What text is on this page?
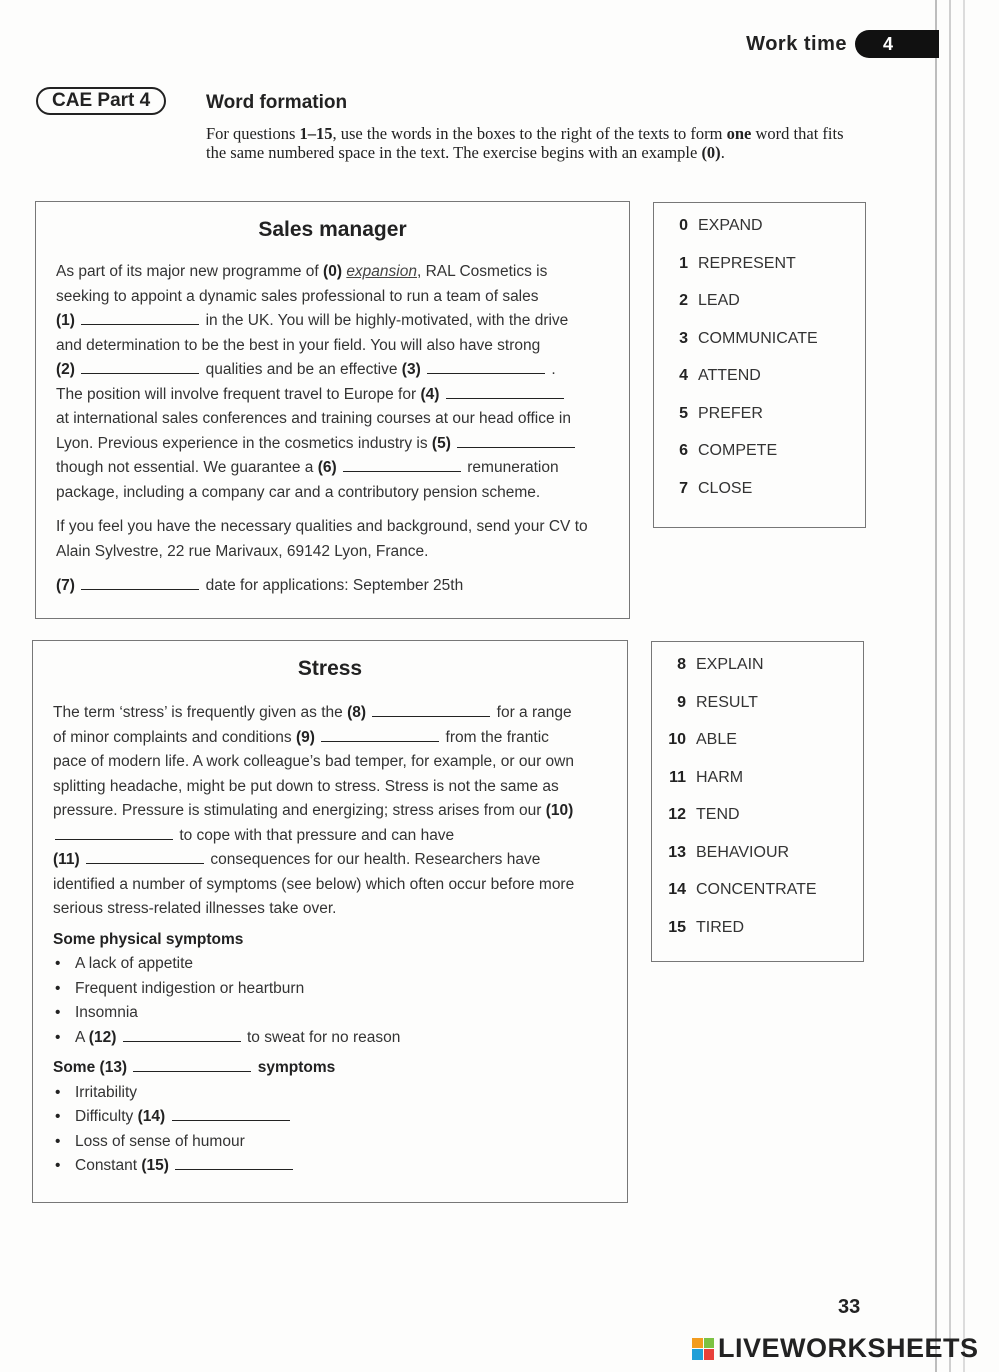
Work time	4
CAE Part 4	Word formation
For questions 1–15, use the words in the boxes to the right of the texts to form one word that fits the same numbered space in the text. The exercise begins with an example (0).
Sales manager
As part of its major new programme of (0) expansion, RAL Cosmetics is seeking to appoint a dynamic sales professional to run a team of sales
(1)	in the UK. You will be highly-motivated, with the drive and determination to be the best in your field. You will also have strong
(2)	qualities and be an effective (3)	. The position will involve frequent travel to Europe for (4)  at international sales conferences and training courses at our head office in Lyon. Previous experience in the cosmetics industry is (5)  though not essential. We guarantee a (6)	remuneration package, including a company car and a contributory pension scheme.
If you feel you have the necessary qualities and background, send your CV to Alain Sylvestre, 22 rue Marivaux, 69142 Lyon, France.
(7)	date for applications: September 25th
0 EXPAND
1 REPRESENT
2 LEAD
3 COMMUNICATE
4 ATTEND
5 PREFER
6 COMPETE
7 CLOSE
Stress
The term ‘stress’ is frequently given as the (8)	for a range of minor complaints and conditions (9)	from the frantic pace of modern life. A work colleague’s bad temper, for example, or our own splitting headache, might be put down to stress. Stress is not the same as pressure. Pressure is stimulating and energizing; stress arises from our (10)  to cope with that pressure and can have
(11)	consequences for our health. Researchers have identified a number of symptoms (see below) which often occur before more serious stress-related illnesses take over.
Some physical symptoms
• A lack of appetite
• Frequent indigestion or heartburn
• Insomnia
• A (12)	to sweat for no reason
Some (13)	symptoms
• Irritability
• Difficulty (14)
• Loss of sense of humour
• Constant (15)
8 EXPLAIN
9 RESULT
10 ABLE
11 HARM
12 TEND
13 BEHAVIOUR
14 CONCENTRATE
15 TIRED
33
LIVEWORKSHEETS
